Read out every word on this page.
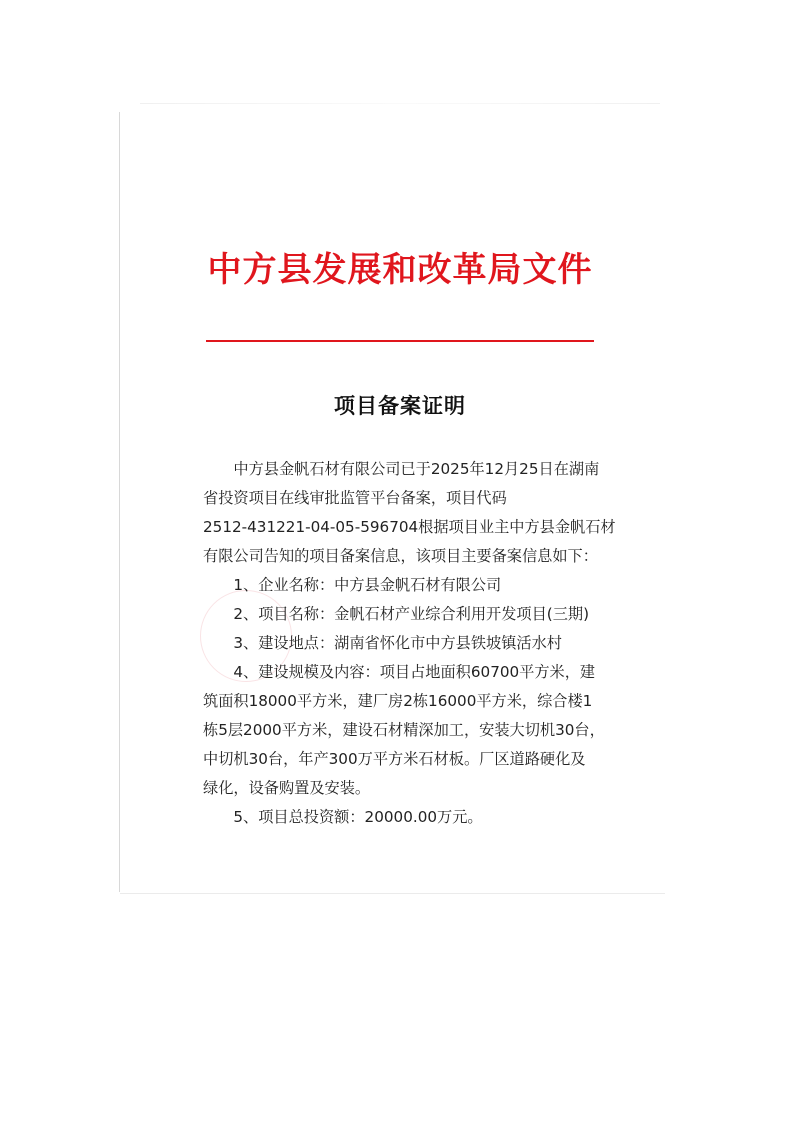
中方县发展和改革局文件
项目备案证明
中方县金帆石材有限公司已于2025年12月25日在湖南
省投资项目在线审批监管平台备案，项目代码
2512-431221-04-05-596704根据项目业主中方县金帆石材
有限公司告知的项目备案信息，该项目主要备案信息如下：

1、企业名称：中方县金帆石材有限公司

2、项目名称：金帆石材产业综合利用开发项目(三期)

3、建设地点：湖南省怀化市中方县铁坡镇活水村

4、建设规模及内容：项目占地面积60700平方米，建
筑面积18000平方米，建厂房2栋16000平方米，综合楼1
栋5层2000平方米，建设石材精深加工，安装大切机30台，
中切机30台，年产300万平方米石材板。厂区道路硬化及
绿化，设备购置及安装。

5、项目总投资额：20000.00万元。
